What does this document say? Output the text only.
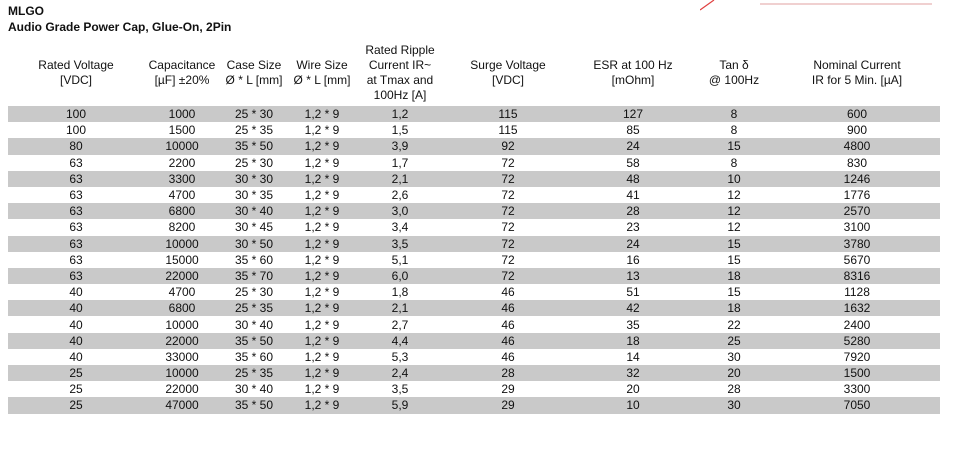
MLGO
Audio Grade Power Cap, Glue-On, 2Pin
Rated Voltage
[VDC]	Capacitance
[µF] ±20%	Case Size
Ø * L [mm]	Wire Size
Ø * L [mm]	Rated Ripple
Current IR~
at Tmax and
100Hz [A]	Surge Voltage
[VDC]	ESR at 100 Hz
[mOhm]	Tan δ
@ 100Hz	Nominal Current
IR for 5 Min. [µA]
100	1000	25 * 30	1,2 * 9	1,2	115	127	8	600
100	1500	25 * 35	1,2 * 9	1,5	115	85	8	900
80	10000	35 * 50	1,2 * 9	3,9	92	24	15	4800
63	2200	25 * 30	1,2 * 9	1,7	72	58	8	830
63	3300	30 * 30	1,2 * 9	2,1	72	48	10	1246
63	4700	30 * 35	1,2 * 9	2,6	72	41	12	1776
63	6800	30 * 40	1,2 * 9	3,0	72	28	12	2570
63	8200	30 * 45	1,2 * 9	3,4	72	23	12	3100
63	10000	30 * 50	1,2 * 9	3,5	72	24	15	3780
63	15000	35 * 60	1,2 * 9	5,1	72	16	15	5670
63	22000	35 * 70	1,2 * 9	6,0	72	13	18	8316
40	4700	25 * 30	1,2 * 9	1,8	46	51	15	1128
40	6800	25 * 35	1,2 * 9	2,1	46	42	18	1632
40	10000	30 * 40	1,2 * 9	2,7	46	35	22	2400
40	22000	35 * 50	1,2 * 9	4,4	46	18	25	5280
40	33000	35 * 60	1,2 * 9	5,3	46	14	30	7920
25	10000	25 * 35	1,2 * 9	2,4	28	32	20	1500
25	22000	30 * 40	1,2 * 9	3,5	29	20	28	3300
25	47000	35 * 50	1,2 * 9	5,9	29	10	30	7050
